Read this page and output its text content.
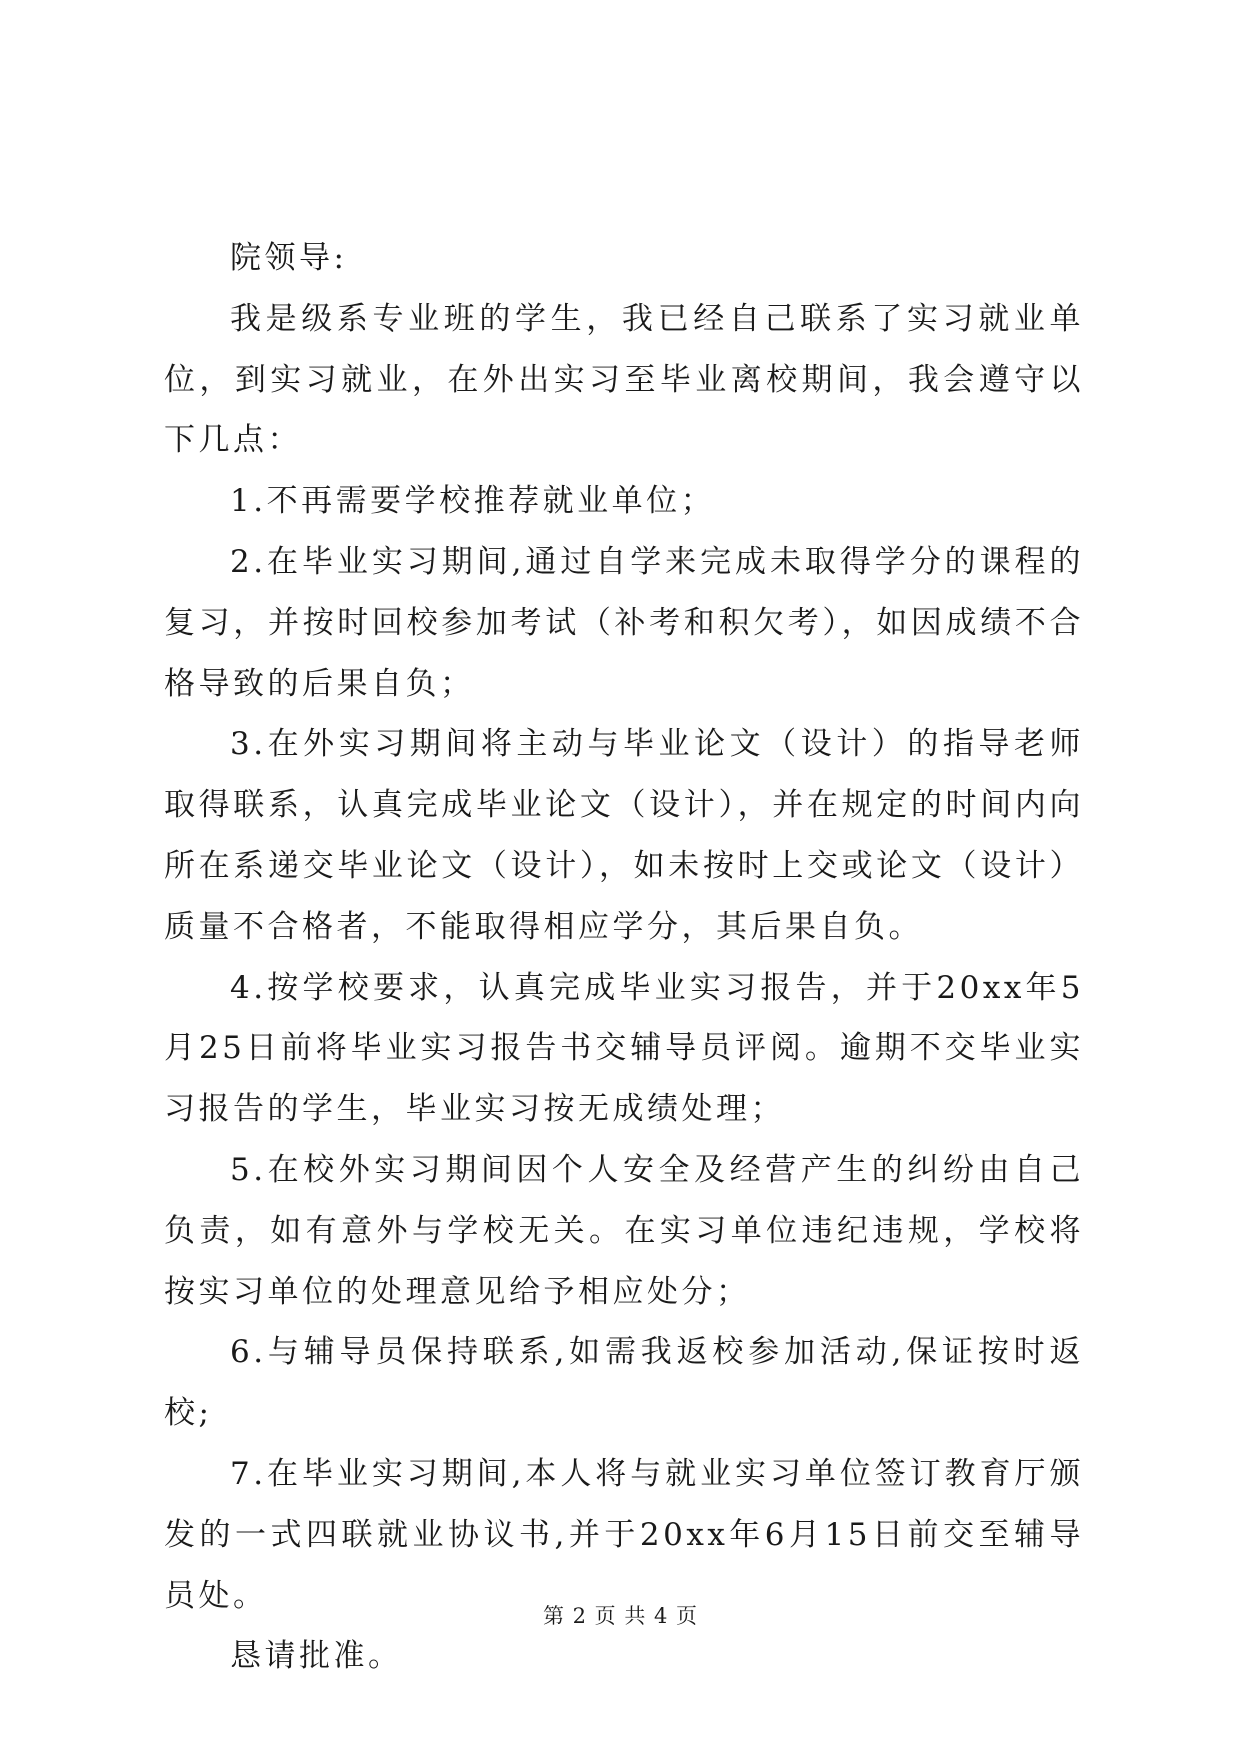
院领导:

我是级系专业班的学生，我已经自己联系了实习就业单位，到实习就业，在外出实习至毕业离校期间，我会遵守以下几点：

1.不再需要学校推荐就业单位；

2.在毕业实习期间,通过自学来完成未取得学分的课程的复习，并按时回校参加考试（补考和积欠考），如因成绩不合格导致的后果自负；

3.在外实习期间将主动与毕业论文（设计）的指导老师取得联系，认真完成毕业论文（设计），并在规定的时间内向所在系递交毕业论文（设计），如未按时上交或论文（设计）质量不合格者，不能取得相应学分，其后果自负。

4.按学校要求，认真完成毕业实习报告，并于20xx年5月25日前将毕业实习报告书交辅导员评阅。逾期不交毕业实习报告的学生，毕业实习按无成绩处理；

5.在校外实习期间因个人安全及经营产生的纠纷由自己负责，如有意外与学校无关。在实习单位违纪违规，学校将按实习单位的处理意见给予相应处分；

6.与辅导员保持联系,如需我返校参加活动,保证按时返校;

7.在毕业实习期间,本人将与就业实习单位签订教育厅颁发的一式四联就业协议书,并于20xx年6月15日前交至辅导员处。

恳请批准。

第 2 页 共 4 页
